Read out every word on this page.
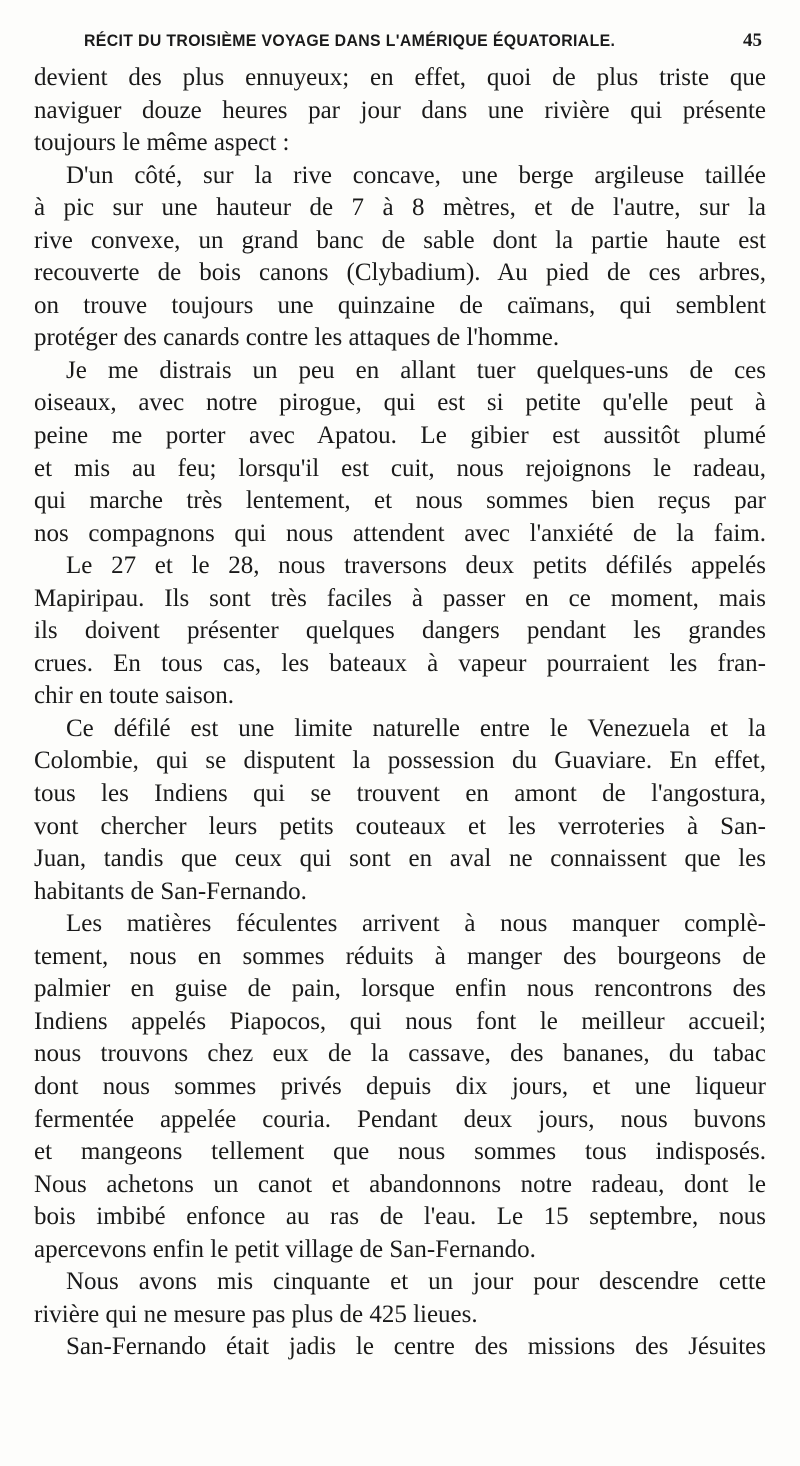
RÉCIT DU TROISIÈME VOYAGE DANS L'AMÉRIQUE ÉQUATORIALE.	45
devient des plus ennuyeux; en effet, quoi de plus triste que
naviguer douze heures par jour dans une rivière qui présente
toujours le même aspect :
D'un côté, sur la rive concave, une berge argileuse taillée
à pic sur une hauteur de 7 à 8 mètres, et de l'autre, sur la
rive convexe, un grand banc de sable dont la partie haute est
recouverte de bois canons (Clybadium). Au pied de ces arbres,
on trouve toujours une quinzaine de caïmans, qui semblent
protéger des canards contre les attaques de l'homme.
Je me distrais un peu en allant tuer quelques-uns de ces
oiseaux, avec notre pirogue, qui est si petite qu'elle peut à
peine me porter avec Apatou. Le gibier est aussitôt plumé
et mis au feu; lorsqu'il est cuit, nous rejoignons le radeau,
qui marche très lentement, et nous sommes bien reçus par
nos compagnons qui nous attendent avec l'anxiété de la faim.
Le 27 et le 28, nous traversons deux petits défilés appelés
Mapiripau. Ils sont très faciles à passer en ce moment, mais
ils doivent présenter quelques dangers pendant les grandes
crues. En tous cas, les bateaux à vapeur pourraient les fran-
chir en toute saison.
Ce défilé est une limite naturelle entre le Venezuela et la
Colombie, qui se disputent la possession du Guaviare. En effet,
tous les Indiens qui se trouvent en amont de l'angostura,
vont chercher leurs petits couteaux et les verroteries à San-
Juan, tandis que ceux qui sont en aval ne connaissent que les
habitants de San-Fernando.
Les matières féculentes arrivent à nous manquer complè-
tement, nous en sommes réduits à manger des bourgeons de
palmier en guise de pain, lorsque enfin nous rencontrons des
Indiens appelés Piapocos, qui nous font le meilleur accueil;
nous trouvons chez eux de la cassave, des bananes, du tabac
dont nous sommes privés depuis dix jours, et une liqueur
fermentée appelée couria. Pendant deux jours, nous buvons
et mangeons tellement que nous sommes tous indisposés.
Nous achetons un canot et abandonnons notre radeau, dont le
bois imbibé enfonce au ras de l'eau. Le 15 septembre, nous
apercevons enfin le petit village de San-Fernando.
Nous avons mis cinquante et un jour pour descendre cette
rivière qui ne mesure pas plus de 425 lieues.
San-Fernando était jadis le centre des missions des Jésuites
